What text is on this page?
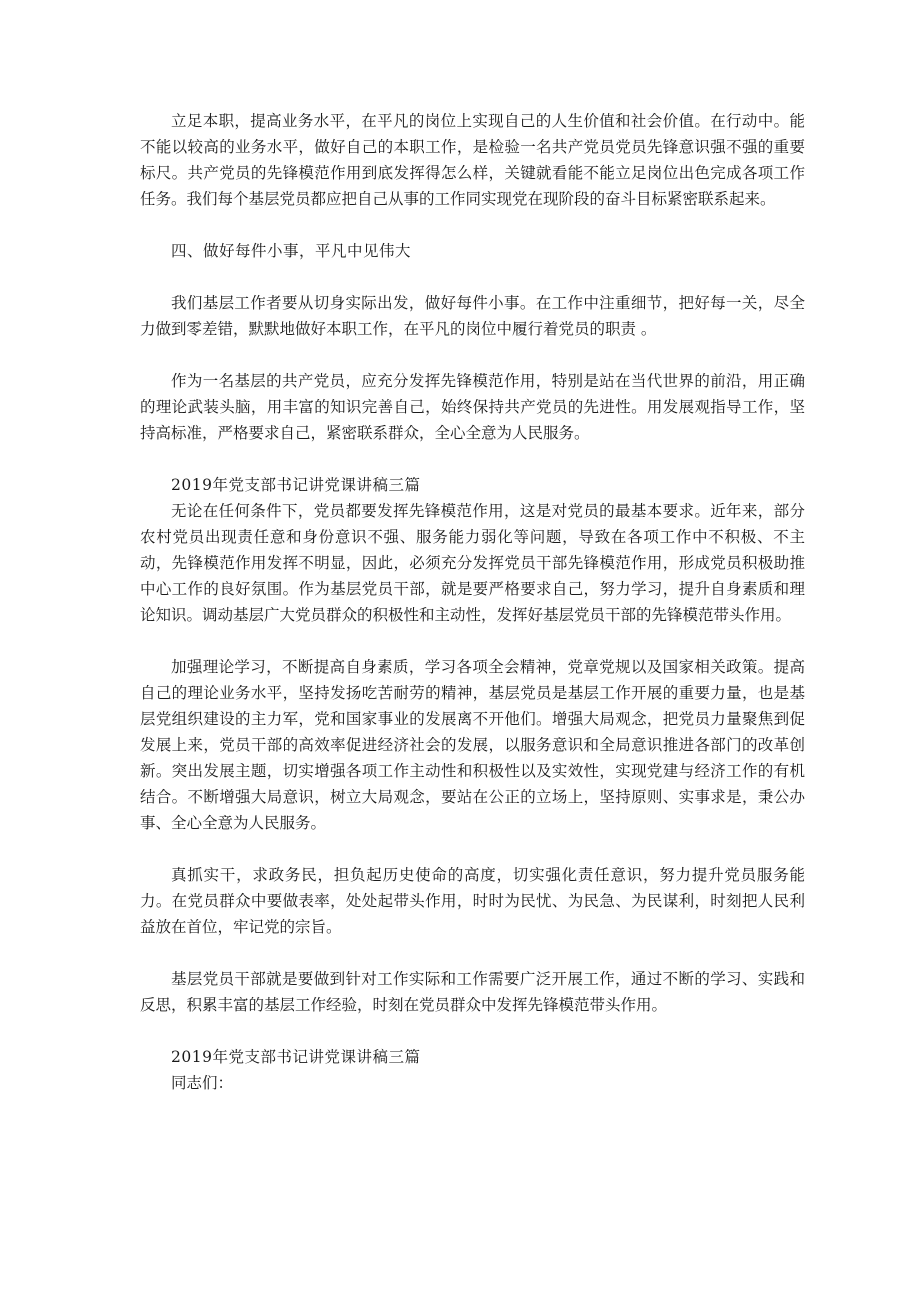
立足本职，提高业务水平，在平凡的岗位上实现自己的人生价值和社会价值。在行动中。能不能以较高的业务水平，做好自己的本职工作，是检验一名共产党员党员先锋意识强不强的重要标尺。共产党员的先锋模范作用到底发挥得怎么样，关键就看能不能立足岗位出色完成各项工作任务。我们每个基层党员都应把自己从事的工作同实现党在现阶段的奋斗目标紧密联系起来。

四、做好每件小事，平凡中见伟大

我们基层工作者要从切身实际出发，做好每件小事。在工作中注重细节，把好每一关，尽全力做到零差错，默默地做好本职工作，在平凡的岗位中履行着党员的职责 。

作为一名基层的共产党员，应充分发挥先锋模范作用，特别是站在当代世界的前沿，用正确的理论武装头脑，用丰富的知识完善自己，始终保持共产党员的先进性。用发展观指导工作，坚持高标准，严格要求自己，紧密联系群众，全心全意为人民服务。

2019年党支部书记讲党课讲稿三篇

无论在任何条件下，党员都要发挥先锋模范作用，这是对党员的最基本要求。近年来，部分农村党员出现责任意和身份意识不强、服务能力弱化等问题，导致在各项工作中不积极、不主动，先锋模范作用发挥不明显，因此，必须充分发挥党员干部先锋模范作用，形成党员积极助推中心工作的良好氛围。作为基层党员干部，就是要严格要求自己，努力学习，提升自身素质和理论知识。调动基层广大党员群众的积极性和主动性，发挥好基层党员干部的先锋模范带头作用。

加强理论学习，不断提高自身素质，学习各项全会精神，党章党规以及国家相关政策。提高自己的理论业务水平，坚持发扬吃苦耐劳的精神，基层党员是基层工作开展的重要力量，也是基层党组织建设的主力军，党和国家事业的发展离不开他们。增强大局观念，把党员力量聚焦到促发展上来，党员干部的高效率促进经济社会的发展，以服务意识和全局意识推进各部门的改革创新。突出发展主题，切实增强各项工作主动性和积极性以及实效性，实现党建与经济工作的有机结合。不断增强大局意识，树立大局观念，要站在公正的立场上，坚持原则、实事求是，秉公办事、全心全意为人民服务。

真抓实干，求政务民，担负起历史使命的高度，切实强化责任意识，努力提升党员服务能力。在党员群众中要做表率，处处起带头作用，时时为民忧、为民急、为民谋利，时刻把人民利益放在首位，牢记党的宗旨。

基层党员干部就是要做到针对工作实际和工作需要广泛开展工作，通过不断的学习、实践和反思，积累丰富的基层工作经验，时刻在党员群众中发挥先锋模范带头作用。

2019年党支部书记讲党课讲稿三篇

同志们：
